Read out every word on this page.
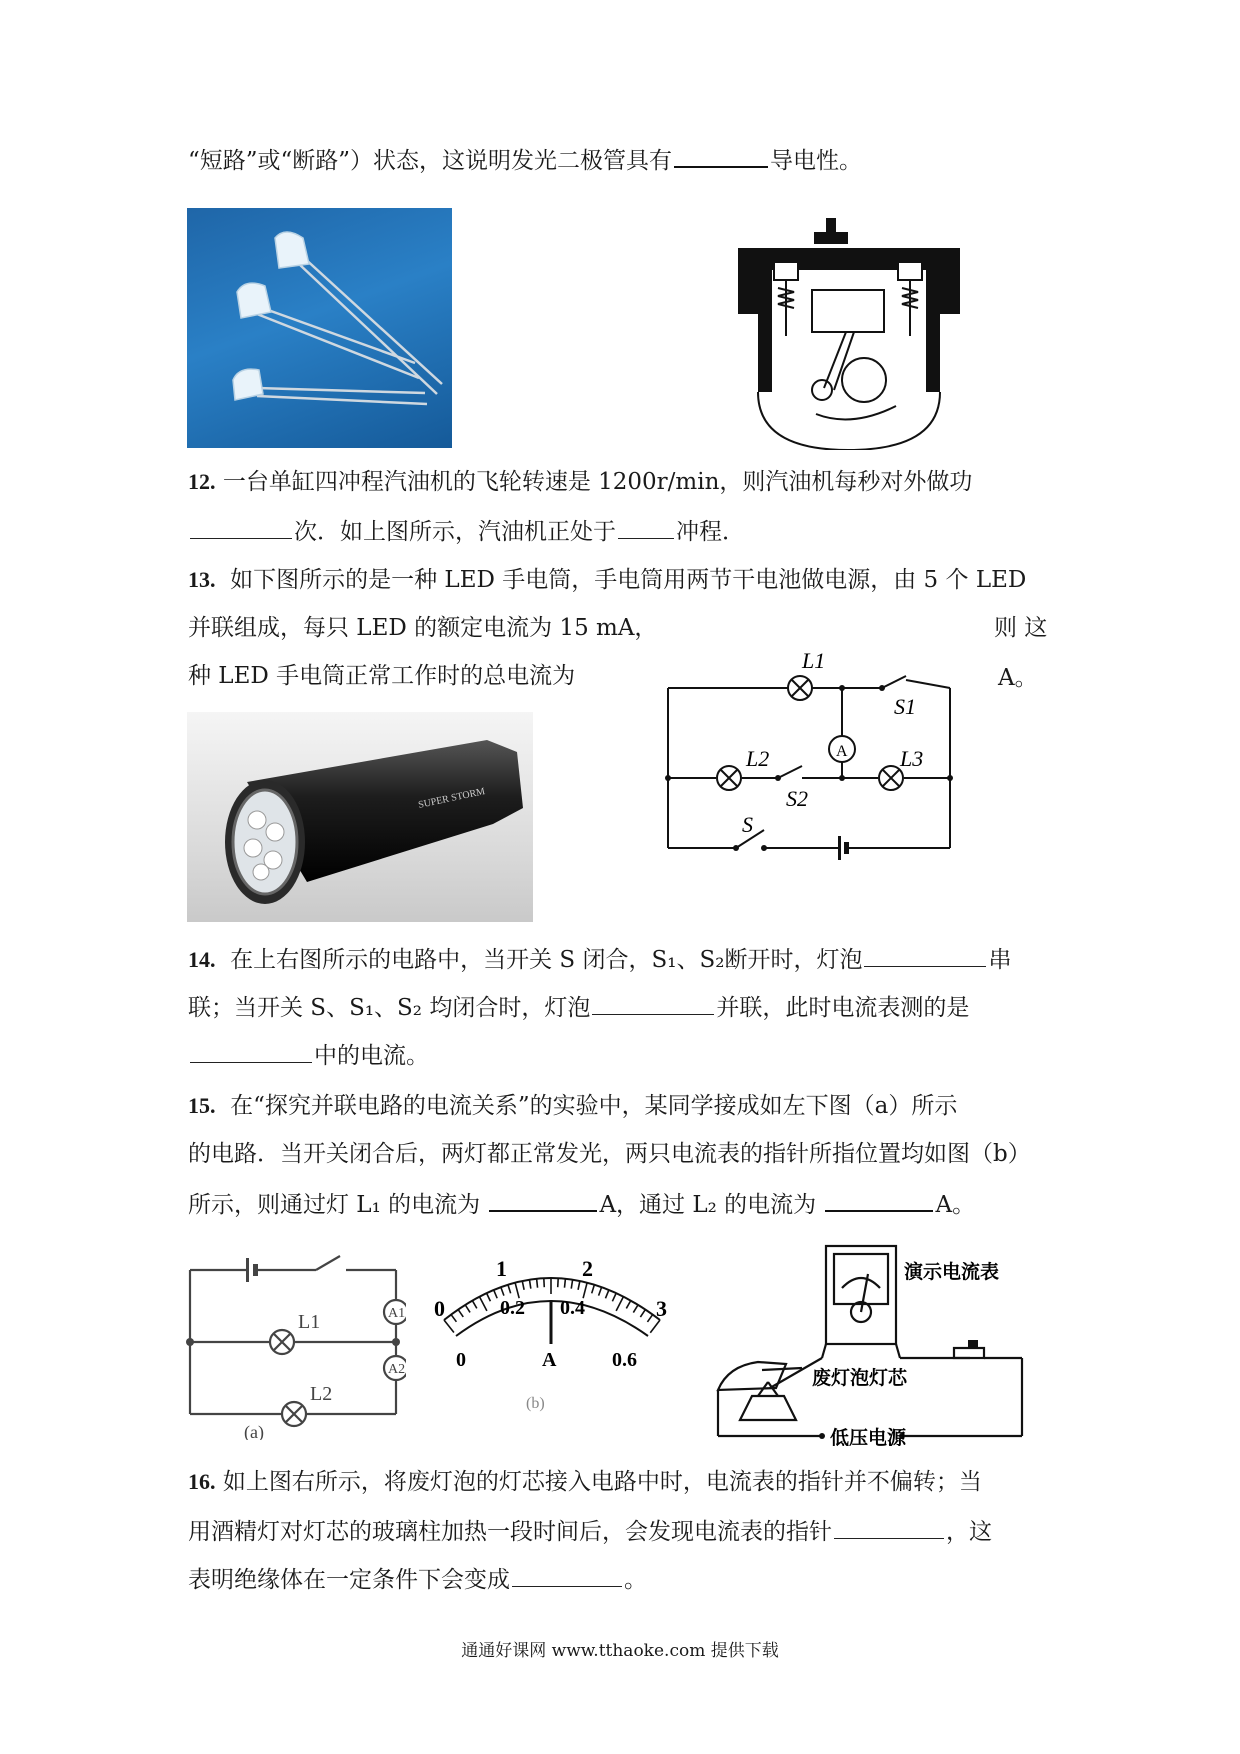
“短路”或“断路”）状态，这说明发光二极管具有	导电性。
12. 一台单缸四冲程汽油机的飞轮转速是 1200r/min，则汽油机每秒对外做功
次．如上图所示，汽油机正处于	冲程．
13. 如下图所示的是一种 LED 手电筒，手电筒用两节干电池做电源，由 5 个 LED
并联组成，每只 LED 的额定电流为 15 mA，	则 这
种 LED 手电筒正常工作时的总电流为	A。
SUPER STORM
A
L1
L2	L3
S1
S2
S
14. 在上右图所示的电路中，当开关 S 闭合，S₁、S₂断开时，灯泡	串
联；当开关 S、S₁、S₂ 均闭合时，灯泡	并联，此时电流表测的是
中的电流。
15. 在“探究并联电路的电流关系”的实验中，某同学接成如左下图（a）所示
的电路．当开关闭合后，两灯都正常发光，两只电流表的指针所指位置均如图（b）
所示，则通过灯 L₁ 的电流为	A，通过 L₂ 的电流为	A。
A1
A2
L1
L2
(a)
0
1	2
3
0
0.2 0.4
0.6
A
(b)
演示电流表
废灯泡灯芯
低压电源
16. 如上图右所示，将废灯泡的灯芯接入电路中时，电流表的指针并不偏转；当
用酒精灯对灯芯的玻璃柱加热一段时间后，会发现电流表的指针	，这
表明绝缘体在一定条件下会变成	。
通通好课网 www.tthaoke.com 提供下载
